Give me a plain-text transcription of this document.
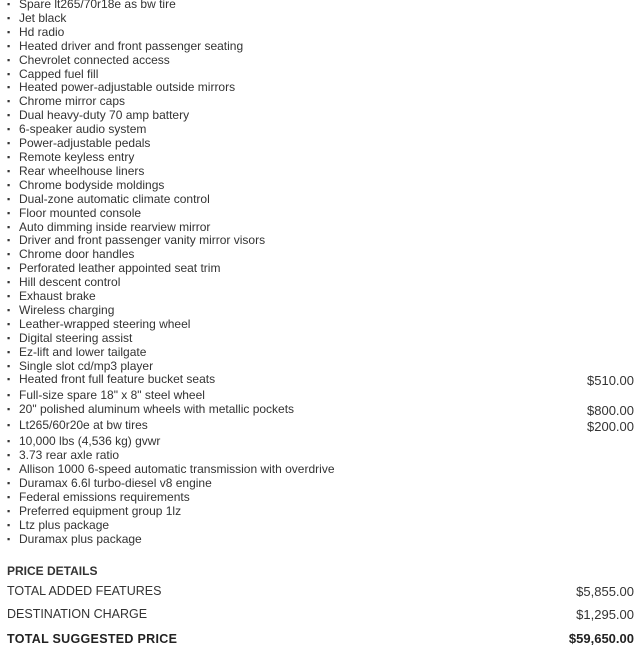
▪ Spare lt265/70r18e as bw tire
▪ Jet black
▪ Hd radio
▪ Heated driver and front passenger seating
▪ Chevrolet connected access
▪ Capped fuel fill
▪ Heated power-adjustable outside mirrors
▪ Chrome mirror caps
▪ Dual heavy-duty 70 amp battery
▪ 6-speaker audio system
▪ Power-adjustable pedals
▪ Remote keyless entry
▪ Rear wheelhouse liners
▪ Chrome bodyside moldings
▪ Dual-zone automatic climate control
▪ Floor mounted console
▪ Auto dimming inside rearview mirror
▪ Driver and front passenger vanity mirror visors
▪ Chrome door handles
▪ Perforated leather appointed seat trim
▪ Hill descent control
▪ Exhaust brake
▪ Wireless charging
▪ Leather-wrapped steering wheel
▪ Digital steering assist
▪ Ez-lift and lower tailgate
▪ Single slot cd/mp3 player
▪ Heated front full feature bucket seats	$510.00
▪ Full-size spare 18" x 8" steel wheel
▪ 20" polished aluminum wheels with metallic pockets	$800.00
▪ Lt265/60r20e at bw tires	$200.00
▪ 10,000 lbs (4,536 kg) gvwr
▪ 3.73 rear axle ratio
▪ Allison 1000 6-speed automatic transmission with overdrive
▪ Duramax 6.6l turbo-diesel v8 engine
▪ Federal emissions requirements
▪ Preferred equipment group 1lz
▪ Ltz plus package
▪ Duramax plus package
PRICE DETAILS
TOTAL ADDED FEATURES	$5,855.00
DESTINATION CHARGE	$1,295.00
TOTAL SUGGESTED PRICE	$59,650.00
